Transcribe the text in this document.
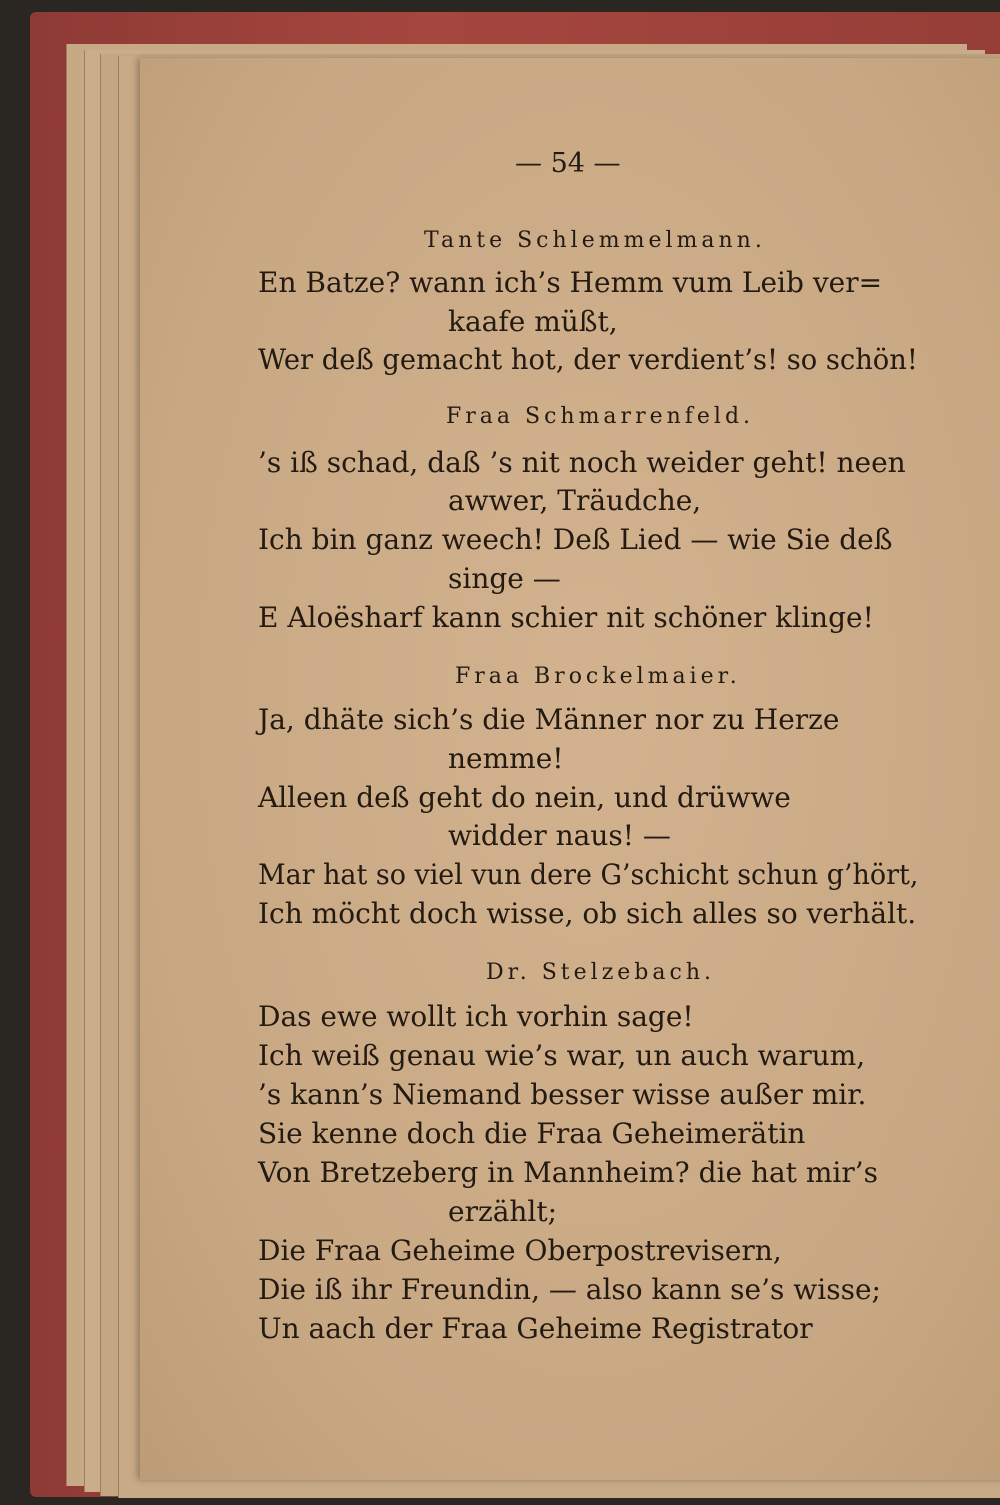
— 54 —
Tante Schlemmelmann.
En Batze? wann ich’s Hemm vum Leib ver=
kaafe müßt,
Wer deß gemacht hot, der verdient’s! so schön!
Fraa Schmarrenfeld.
’s iß schad, daß ’s nit noch weider geht! neen
awwer, Träudche,
Ich bin ganz weech! Deß Lied — wie Sie deß
singe —
E Aloësharf kann schier nit schöner klinge!
Fraa Brockelmaier.
Ja, dhäte sich’s die Männer nor zu Herze
nemme!
Alleen deß geht do nein, und drüwwe
widder naus! —
Mar hat so viel vun dere G’schicht schun g’hört,
Ich möcht doch wisse, ob sich alles so verhält.
Dr. Stelzebach.
Das ewe wollt ich vorhin sage!
Ich weiß genau wie’s war, un auch warum,
’s kann’s Niemand besser wisse außer mir.
Sie kenne doch die Fraa Geheimerätin
Von Bretzeberg in Mannheim? die hat mir’s
erzählt;
Die Fraa Geheime Oberpostrevisern,
Die iß ihr Freundin, — also kann se’s wisse;
Un aach der Fraa Geheime Registrator
